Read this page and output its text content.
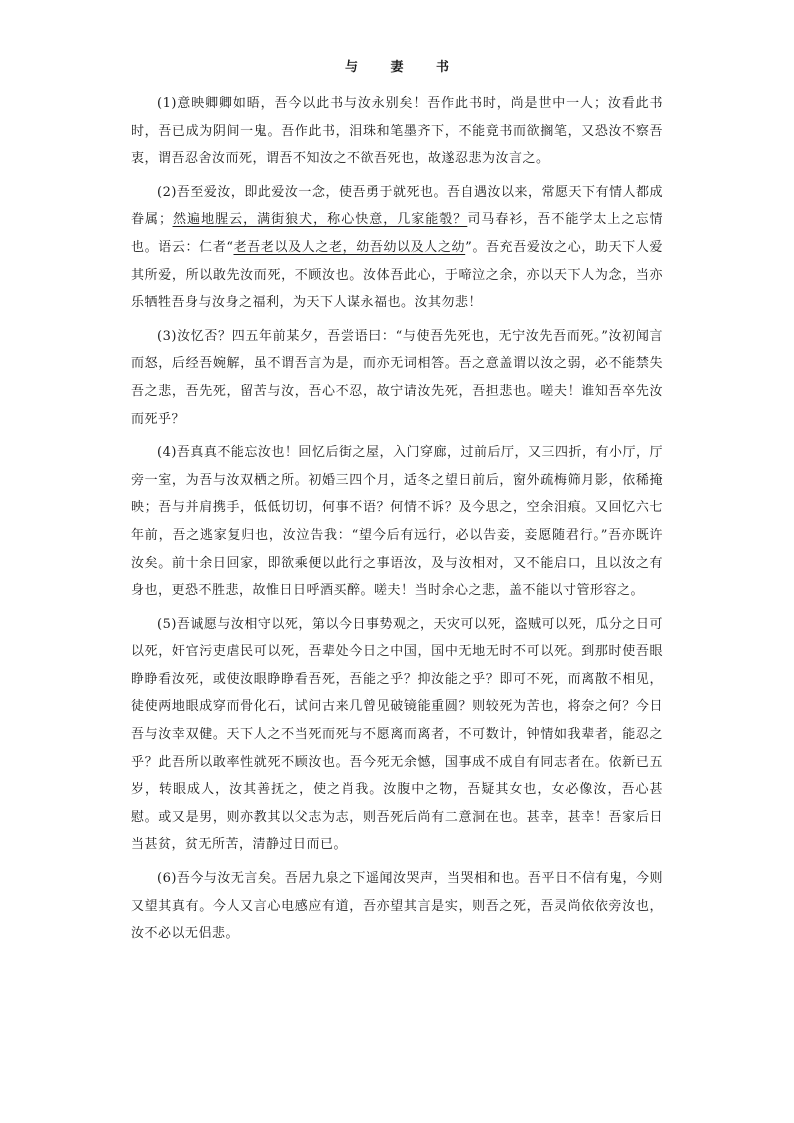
与 妻 书

(1)意映卿卿如晤，吾今以此书与汝永别矣！吾作此书时，尚是世中一人；汝看此书时，吾已成为阴间一鬼。吾作此书，泪珠和笔墨齐下，不能竟书而欲搁笔，又恐汝不察吾衷，谓吾忍舍汝而死，谓吾不知汝之不欲吾死也，故遂忍悲为汝言之。

(2)吾至爱汝，即此爱汝一念，使吾勇于就死也。吾自遇汝以来，常愿天下有情人都成眷属；然遍地腥云，满街狼犬，称心快意，几家能彀？司马春衫，吾不能学太上之忘情也。语云：仁者“老吾老以及人之老，幼吾幼以及人之幼”。吾充吾爱汝之心，助天下人爱其所爱，所以敢先汝而死，不顾汝也。汝体吾此心，于啼泣之余，亦以天下人为念，当亦乐牺牲吾身与汝身之福利，为天下人谋永福也。汝其勿悲！

(3)汝忆否？四五年前某夕，吾尝语曰：“与使吾先死也，无宁汝先吾而死。”汝初闻言而怒，后经吾婉解，虽不谓吾言为是，而亦无词相答。吾之意盖谓以汝之弱，必不能禁失吾之悲，吾先死，留苦与汝，吾心不忍，故宁请汝先死，吾担悲也。嗟夫！谁知吾卒先汝而死乎？

(4)吾真真不能忘汝也！回忆后街之屋，入门穿廊，过前后厅，又三四折，有小厅，厅旁一室，为吾与汝双栖之所。初婚三四个月，适冬之望日前后，窗外疏梅筛月影，依稀掩映；吾与并肩携手，低低切切，何事不语？何情不诉？及今思之，空余泪痕。又回忆六七年前，吾之逃家复归也，汝泣告我：“望今后有远行，必以告妾，妾愿随君行。”吾亦既许汝矣。前十余日回家，即欲乘便以此行之事语汝，及与汝相对，又不能启口，且以汝之有身也，更恐不胜悲，故惟日日呼酒买醉。嗟夫！当时余心之悲，盖不能以寸管形容之。

(5)吾诚愿与汝相守以死，第以今日事势观之，天灾可以死，盗贼可以死，瓜分之日可以死，奸官污吏虐民可以死，吾辈处今日之中国，国中无地无时不可以死。到那时使吾眼睁睁看汝死，或使汝眼睁睁看吾死，吾能之乎？抑汝能之乎？即可不死，而离散不相见，徒使两地眼成穿而骨化石，试问古来几曾见破镜能重圆？则较死为苦也，将奈之何？今日吾与汝幸双健。天下人之不当死而死与不愿离而离者，不可数计，钟情如我辈者，能忍之乎？此吾所以敢率性就死不顾汝也。吾今死无余憾，国事成不成自有同志者在。依新已五岁，转眼成人，汝其善抚之，使之肖我。汝腹中之物，吾疑其女也，女必像汝，吾心甚慰。或又是男，则亦教其以父志为志，则吾死后尚有二意洞在也。甚幸，甚幸！吾家后日当甚贫，贫无所苦，清静过日而已。

(6)吾今与汝无言矣。吾居九泉之下遥闻汝哭声，当哭相和也。吾平日不信有鬼，今则又望其真有。今人又言心电感应有道，吾亦望其言是实，则吾之死，吾灵尚依依旁汝也，汝不必以无侣悲。
